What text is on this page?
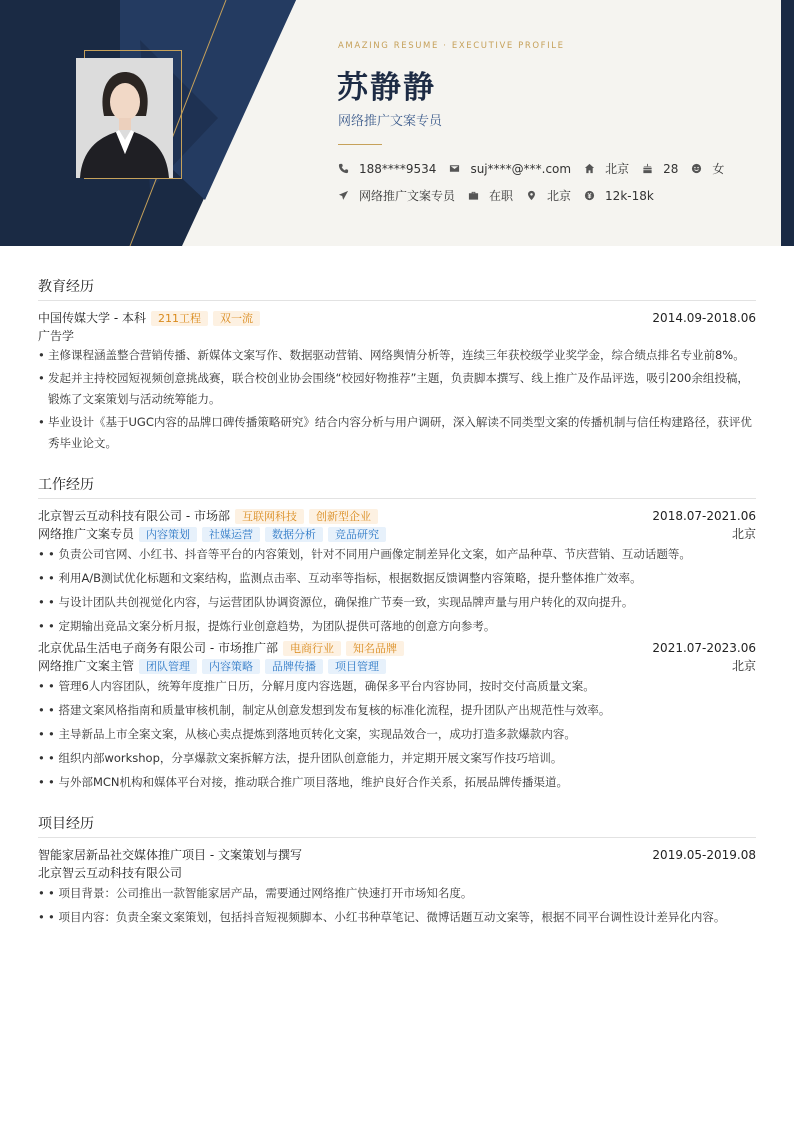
AMAZING RESUME · EXECUTIVE PROFILE
苏静静
网络推广文案专员
188****9534	suj****@***.com	北京	28	女
网络推广文案专员	在职	北京	12k-18k
教育经历
中国传媒大学 - 本科	211工程	双一流	2014.09-2018.06
广告学
• 主修课程涵盖整合营销传播、新媒体文案写作、数据驱动营销、网络舆情分析等，连续三年获校级学业奖学金，综合绩点排名专业前8%。
• 发起并主持校园短视频创意挑战赛，联合校创业协会围绕“校园好物推荐”主题，负责脚本撰写、线上推广及作品评选，吸引200余组投稿，锻炼了文案策划与活动统筹能力。
• 毕业设计《基于UGC内容的品牌口碑传播策略研究》结合内容分析与用户调研，深入解读不同类型文案的传播机制与信任构建路径，获评优秀毕业论文。
工作经历
北京智云互动科技有限公司 - 市场部	互联网科技	创新型企业	2018.07-2021.06
网络推广文案专员	内容策划	社媒运营	数据分析	竞品研究	北京
• • 负责公司官网、小红书、抖音等平台的内容策划，针对不同用户画像定制差异化文案，如产品种草、节庆营销、互动话题等。
• • 利用A/B测试优化标题和文案结构，监测点击率、互动率等指标，根据数据反馈调整内容策略，提升整体推广效率。
• • 与设计团队共创视觉化内容，与运营团队协调资源位，确保推广节奏一致，实现品牌声量与用户转化的双向提升。
• • 定期输出竞品文案分析月报，提炼行业创意趋势，为团队提供可落地的创意方向参考。
北京优品生活电子商务有限公司 - 市场推广部	电商行业	知名品牌	2021.07-2023.06
网络推广文案主管	团队管理	内容策略	品牌传播	项目管理	北京
• • 管理6人内容团队，统筹年度推广日历，分解月度内容选题，确保多平台内容协同，按时交付高质量文案。
• • 搭建文案风格指南和质量审核机制，制定从创意发想到发布复核的标准化流程，提升团队产出规范性与效率。
• • 主导新品上市全案文案，从核心卖点提炼到落地页转化文案，实现品效合一，成功打造多款爆款内容。
• • 组织内部workshop，分享爆款文案拆解方法，提升团队创意能力，并定期开展文案写作技巧培训。
• • 与外部MCN机构和媒体平台对接，推动联合推广项目落地，维护良好合作关系，拓展品牌传播渠道。
项目经历
智能家居新品社交媒体推广项目 - 文案策划与撰写	2019.05-2019.08
北京智云互动科技有限公司
• • 项目背景：公司推出一款智能家居产品，需要通过网络推广快速打开市场知名度。
• • 项目内容：负责全案文案策划，包括抖音短视频脚本、小红书种草笔记、微博话题互动文案等，根据不同平台调性设计差异化内容。
